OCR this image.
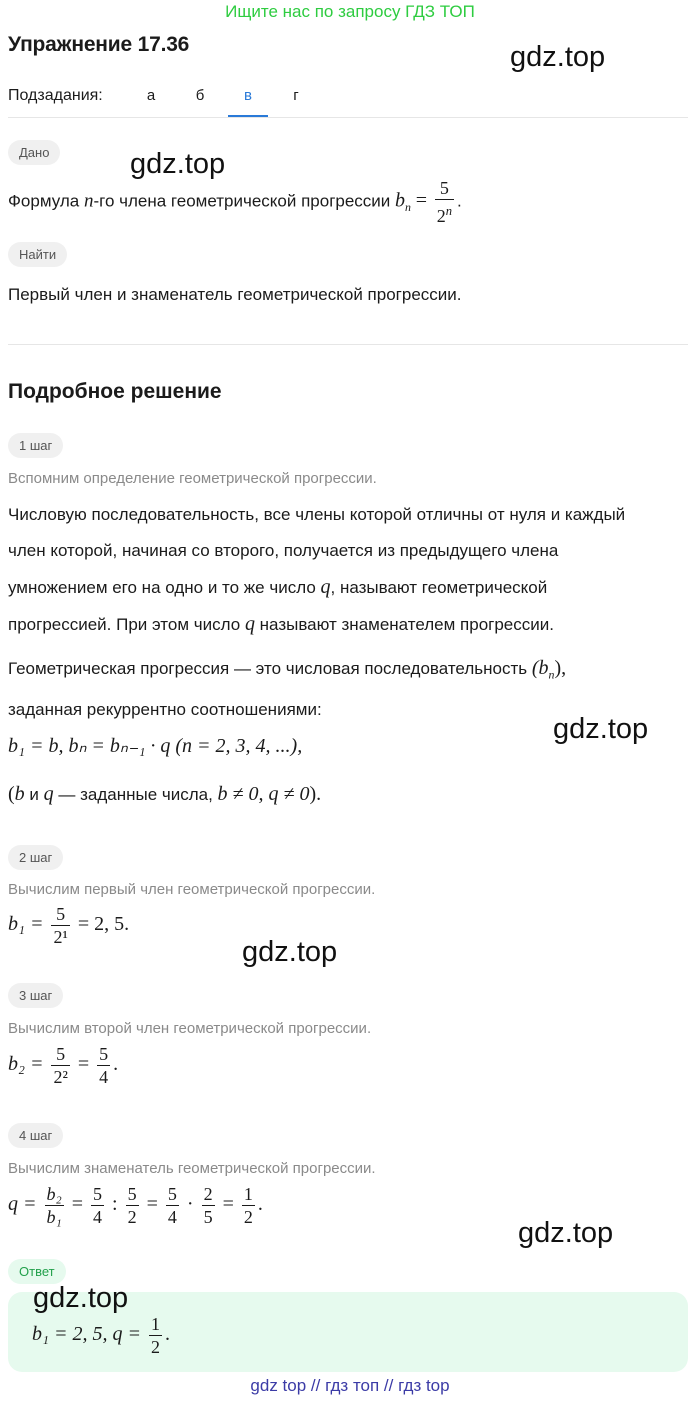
Ищите нас по запросу ГДЗ ТОП
Упражнение 17.36	gdz.top
Подзадания:	а	б	в	г
Дано	gdz.top
Формула n-го члена геометрической прогрессии $b_n = \frac{5}{2^n}$ .
Найти
Первый член и знаменатель геометрической прогрессии.
Подробное решение
1 шаг
Вспомним определение геометрической прогрессии.
Числовую последовательность, все члены которой отличны от нуля и каждый
член которой, начиная со второго, получается из предыдущего члена
умножением его на одно и то же число q, называют геометрической
прогрессией. При этом число q называют знаменателем прогрессии.
Геометрическая прогрессия — это числовая последовательность $(b_n)$,
заданная рекуррентно соотношениями:
gdz.top
b₁ = b, bₙ = bₙ₋₁ · q (n = 2, 3, 4, ...),
(b и q — заданные числа, b ≠ 0, q ≠ 0).
2 шаг
Вычислим первый член геометрической прогрессии.
$b_1 = \frac{5}{\text{2¹}} = 2$, 5.
gdz.top
3 шаг
Вычислим второй член геометрической прогрессии.
$b_2 = \frac{5}{\text{2²}} = \frac{5}{4}$ .
4 шаг
Вычислим знаменатель геометрической прогрессии.
$q = \frac{\text{b₂}}{\text{b₁}} = \frac{5}{4}$ : $\frac{5}{2} = \frac{5}{4} \cdot \frac{2}{5} = \frac{1}{2}$ .
gdz.top
Ответ
gdz.top
b₁ = 2, 5, $q = \frac{1}{2}$ .
gdz top // гдз топ // гдз top
